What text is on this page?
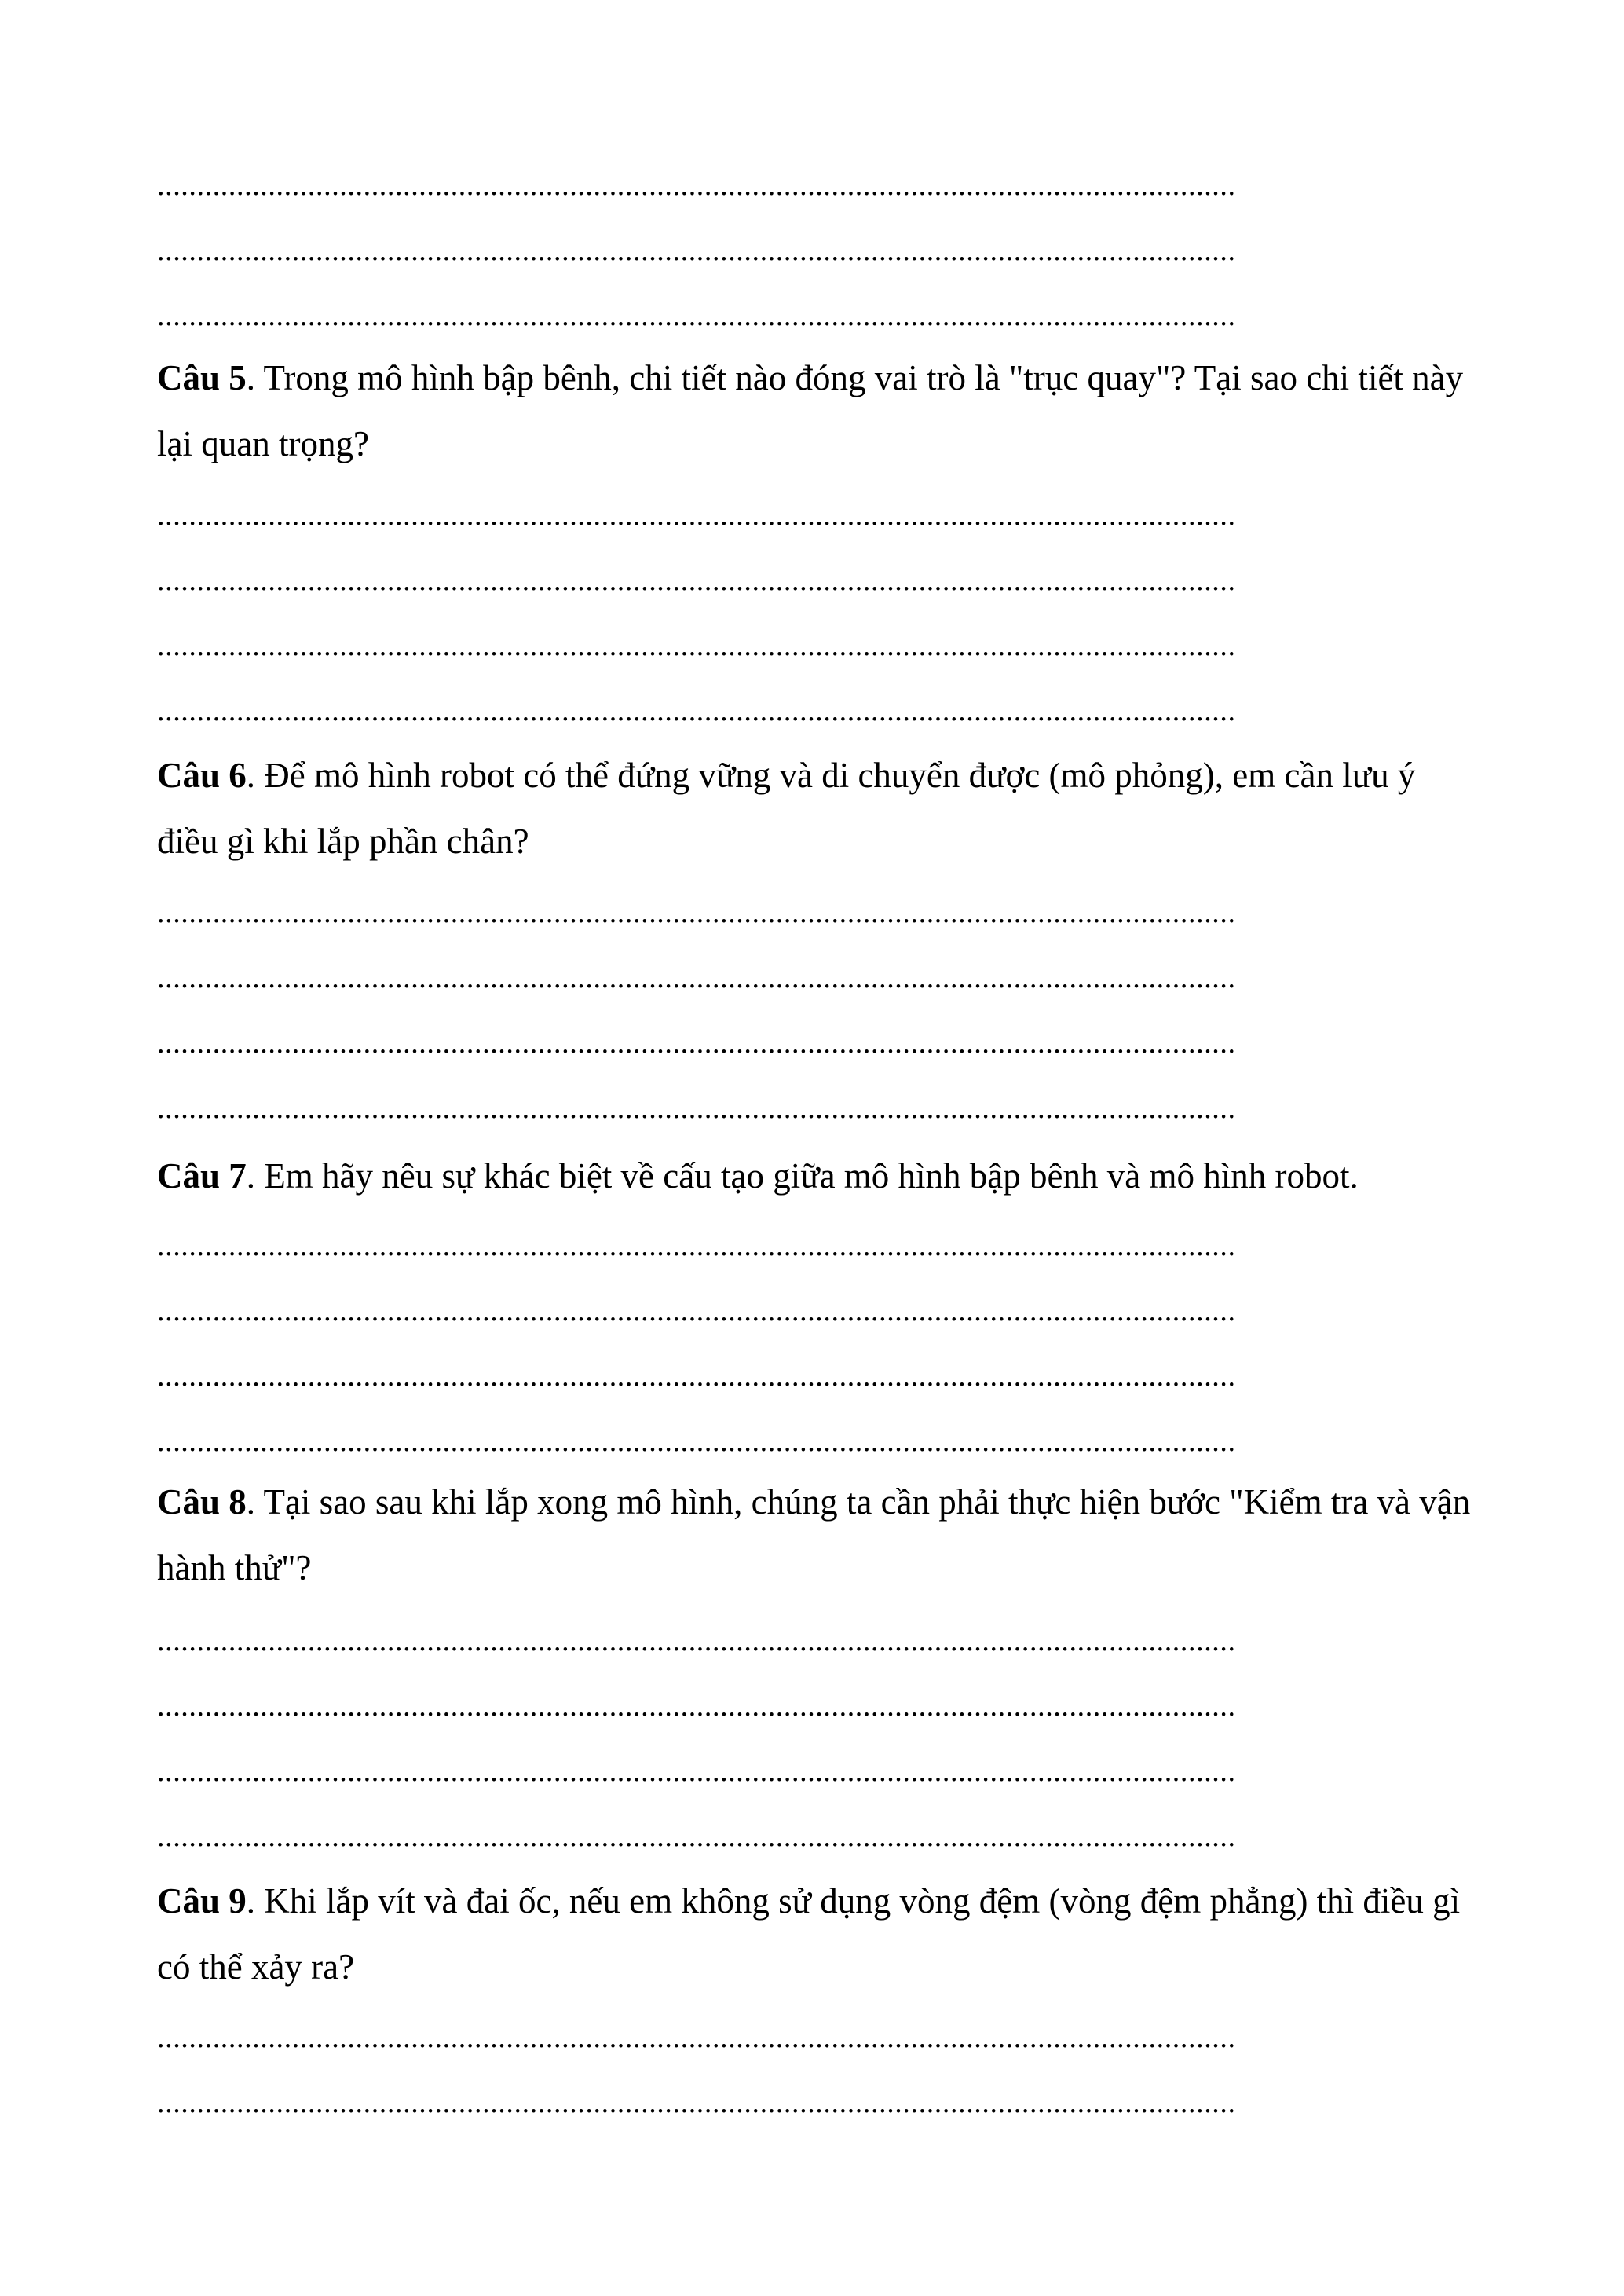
........................................................................................................................................
........................................................................................................................................
........................................................................................................................................

Câu 5. Trong mô hình bập bênh, chi tiết nào đóng vai trò là "trục quay"? Tại sao chi tiết này lại quan trọng?

........................................................................................................................................
........................................................................................................................................
........................................................................................................................................
........................................................................................................................................

Câu 6. Để mô hình robot có thể đứng vững và di chuyển được (mô phỏng), em cần lưu ý điều gì khi lắp phần chân?

........................................................................................................................................
........................................................................................................................................
........................................................................................................................................
........................................................................................................................................

Câu 7. Em hãy nêu sự khác biệt về cấu tạo giữa mô hình bập bênh và mô hình robot.

........................................................................................................................................
........................................................................................................................................
........................................................................................................................................
........................................................................................................................................

Câu 8. Tại sao sau khi lắp xong mô hình, chúng ta cần phải thực hiện bước "Kiểm tra và vận hành thử"?

........................................................................................................................................
........................................................................................................................................
........................................................................................................................................
........................................................................................................................................

Câu 9. Khi lắp vít và đai ốc, nếu em không sử dụng vòng đệm (vòng đệm phẳng) thì điều gì có thể xảy ra?

........................................................................................................................................
........................................................................................................................................
